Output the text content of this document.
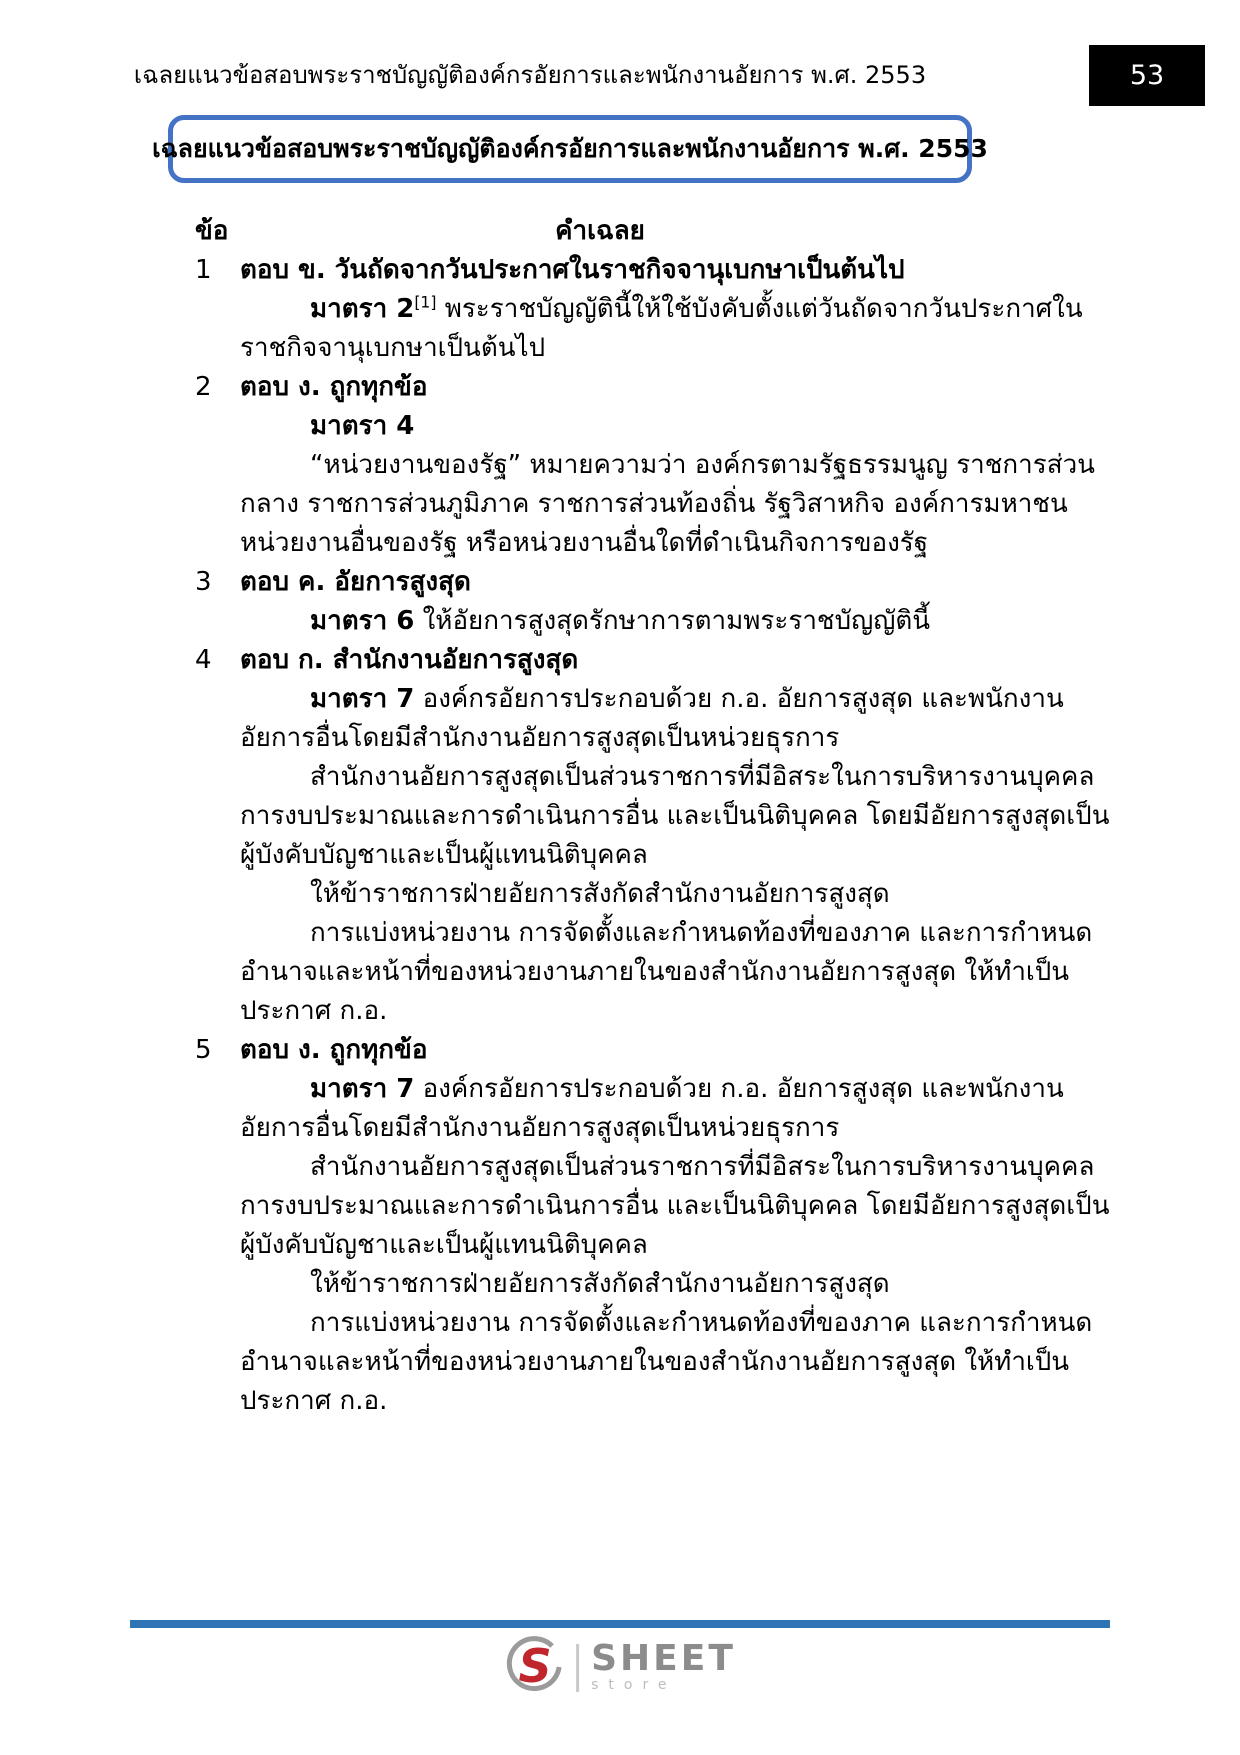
เฉลยแนวข้อสอบพระราชบัญญัติองค์กรอัยการและพนักงานอัยการ พ.ศ. 2553	53
เฉลยแนวข้อสอบพระราชบัญญัติองค์กรอัยการและพนักงานอัยการ พ.ศ. 2553
ข้อ	คำเฉลย
1	ตอบ ข. วันถัดจากวันประกาศในราชกิจจานุเบกษาเป็นต้นไป

มาตรา 2[1] พระราชบัญญัตินี้​ให้ใช้บังคับ​ตั้งแต่​วันถัดจาก​วันประกาศ​ใน​ราชกิจจา​นุเบกษา​เป็นต้นไป

2	ตอบ ง. ถูกทุกข้อ

มาตรา 4

“หน่วยงานของรัฐ” หมายความว่า องค์กร​ตาม​รัฐธรรมนูญ ราชการ​ส่วนกลาง ราชการ​ส่วนภูมิภาค ราชการ​ส่วนท้องถิ่น รัฐวิสาหกิจ องค์การ​มหาชน หน่วยงาน​อื่น​ของรัฐ หรือ​หน่วยงาน​อื่นใด​ที่​ดำเนิน​กิจการ​ของรัฐ

3	ตอบ ค. อัยการสูงสุด

มาตรา 6 ให้​อัยการสูงสุด​รักษาการ​ตาม​พระราชบัญญัตินี้

4	ตอบ ก. สำนักงานอัยการสูงสุด

มาตรา 7 องค์กรอัยการ​ประกอบด้วย ก.อ. อัยการสูงสุด และ​พนักงาน​อัยการ​อื่น​โดย​มี​สำนักงาน​อัยการสูงสุด​เป็น​หน่วยธุรการ

สำนักงาน​อัยการสูงสุด​เป็น​ส่วนราชการ​ที่​มี​อิสระ​ใน​การบริหาร​งานบุคคล การงบประมาณ​และ​การดำเนินการ​อื่น และ​เป็น​นิติบุคคล โดย​มี​อัยการสูงสุด​เป็น​ผู้บังคับบัญชา​และ​เป็น​ผู้แทน​นิติบุคคล

ให้​ข้าราชการ​ฝ่ายอัยการ​สังกัด​สำนักงาน​อัยการสูงสุด

การแบ่ง​หน่วยงาน การจัดตั้ง​และ​กำหนด​ท้องที่​ของภาค และ​การกำหนด​อำนาจ​และ​หน้าที่​ของ​หน่วยงาน​ภายใน​ของ​สำนักงาน​อัยการสูงสุด ให้​ทำเป็น​ประกาศ ก.อ.

5	ตอบ ง. ถูกทุกข้อ

มาตรา 7 องค์กรอัยการ​ประกอบด้วย ก.อ. อัยการสูงสุด และ​พนักงาน​อัยการ​อื่น​โดย​มี​สำนักงาน​อัยการสูงสุด​เป็น​หน่วยธุรการ

สำนักงาน​อัยการสูงสุด​เป็น​ส่วนราชการ​ที่​มี​อิสระ​ใน​การบริหาร​งานบุคคล การงบประมาณ​และ​การดำเนินการ​อื่น และ​เป็น​นิติบุคคล โดย​มี​อัยการสูงสุด​เป็น​ผู้บังคับบัญชา​และ​เป็น​ผู้แทน​นิติบุคคล

ให้​ข้าราชการ​ฝ่ายอัยการ​สังกัด​สำนักงาน​อัยการสูงสุด

การแบ่ง​หน่วยงาน การจัดตั้ง​และ​กำหนด​ท้องที่​ของภาค และ​การกำหนด​อำนาจ​และ​หน้าที่​ของ​หน่วยงาน​ภายใน​ของ​สำนักงาน​อัยการสูงสุด ให้​ทำเป็น​ประกาศ ก.อ.

S SHEET
store
